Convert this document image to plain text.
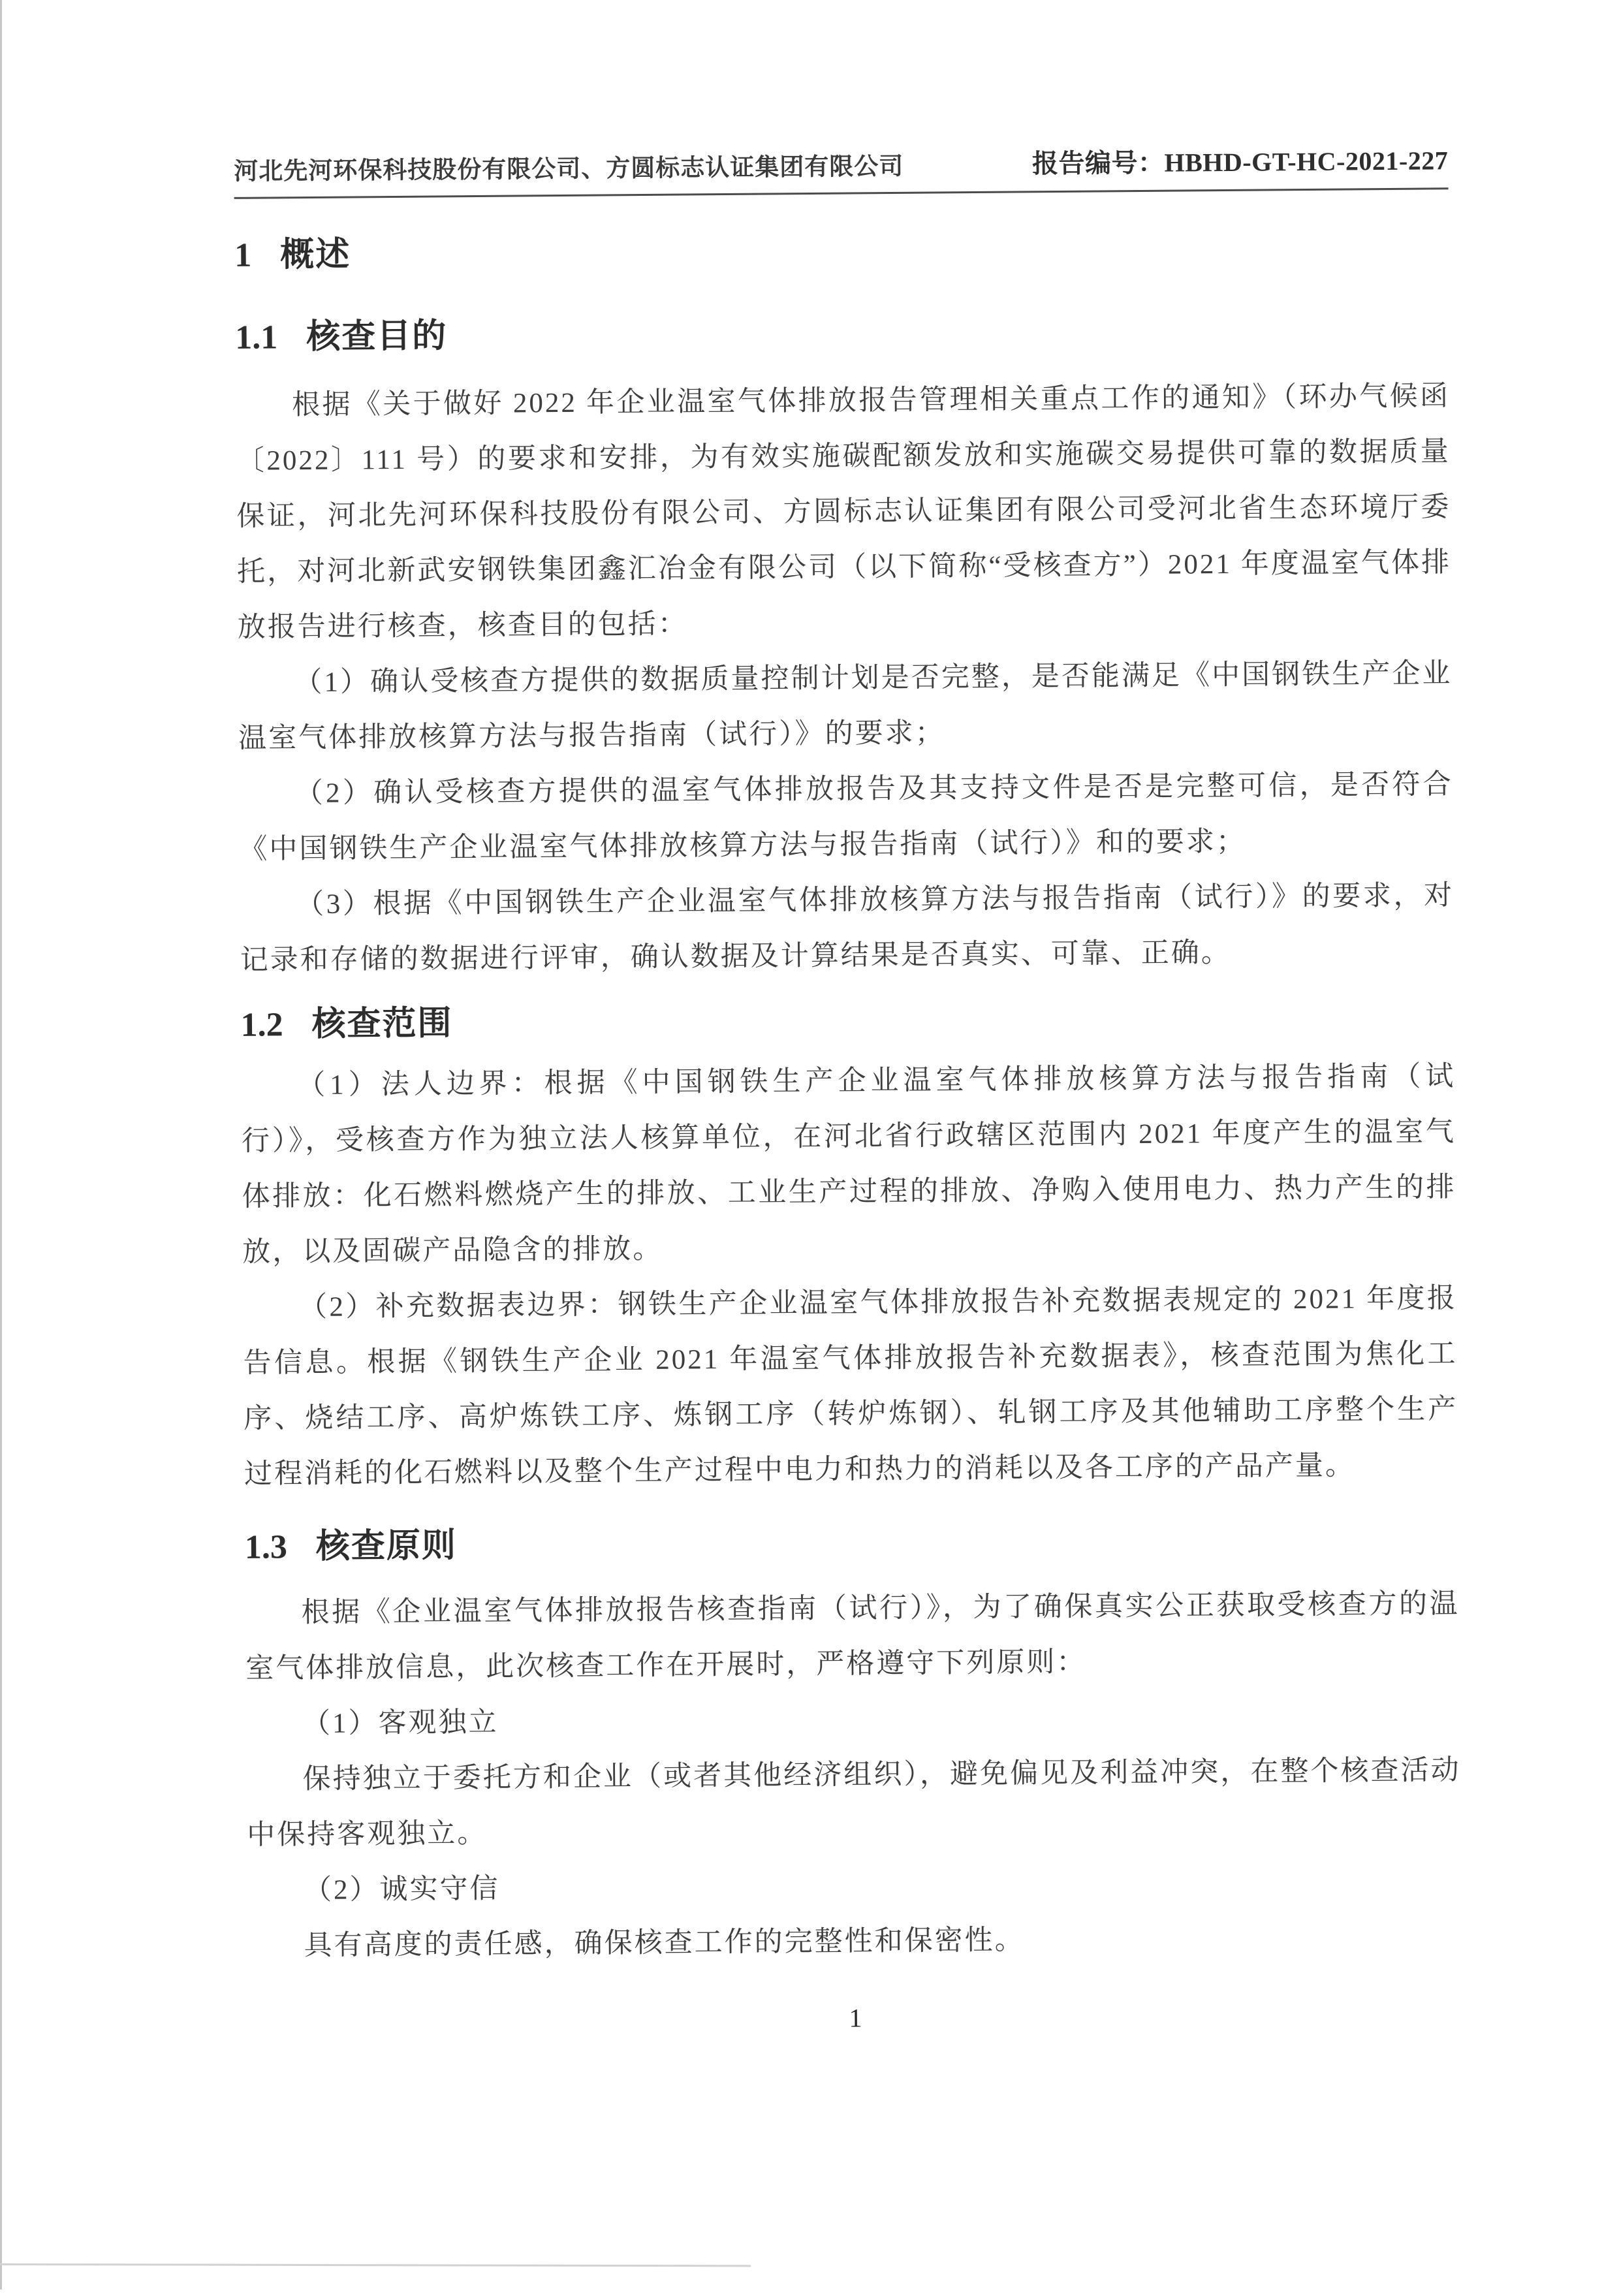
河北先河环保科技股份有限公司、方圆标志认证集团有限公司	报告编号：HBHD-GT-HC-2021-227
1 概述
1.1 核查目的

根据《关于做好 2022 年企业温室气体排放报告管理相关重点工作的通知》（环办气候函〔2022〕111 号）的要求和安排，为有效实施碳配额发放和实施碳交易提供可靠的数据质量保证，河北先河环保科技股份有限公司、方圆标志认证集团有限公司受河北省生态环境厅委托，对河北新武安钢铁集团鑫汇冶金有限公司（以下简称“受核查方”）2021 年度温室气体排放报告进行核查，核查目的包括：

（1）确认受核查方提供的数据质量控制计划是否完整，是否能满足《中国钢铁生产企业温室气体排放核算方法与报告指南（试行）》的要求；

（2）确认受核查方提供的温室气体排放报告及其支持文件是否是完整可信，是否符合《中国钢铁生产企业温室气体排放核算方法与报告指南（试行）》和的要求；

（3）根据《中国钢铁生产企业温室气体排放核算方法与报告指南（试行）》的要求，对记录和存储的数据进行评审，确认数据及计算结果是否真实、可靠、正确。

1.2 核查范围

（1）法人边界：根据《中国钢铁生产企业温室气体排放核算方法与报告指南（试行）》，受核查方作为独立法人核算单位，在河北省行政辖区范围内 2021 年度产生的温室气体排放：化石燃料燃烧产生的排放、工业生产过程的排放、净购入使用电力、热力产生的排放，以及固碳产品隐含的排放。

（2）补充数据表边界：钢铁生产企业温室气体排放报告补充数据表规定的 2021 年度报告信息。根据《钢铁生产企业 2021 年温室气体排放报告补充数据表》，核查范围为焦化工序、烧结工序、高炉炼铁工序、炼钢工序（转炉炼钢）、轧钢工序及其他辅助工序整个生产过程消耗的化石燃料以及整个生产过程中电力和热力的消耗以及各工序的产品产量。

1.3 核查原则

根据《企业温室气体排放报告核查指南（试行）》，为了确保真实公正获取受核查方的温室气体排放信息，此次核查工作在开展时，严格遵守下列原则：

（1）客观独立

保持独立于委托方和企业（或者其他经济组织），避免偏见及利益冲突，在整个核查活动中保持客观独立。

（2）诚实守信

具有高度的责任感，确保核查工作的完整性和保密性。

1
